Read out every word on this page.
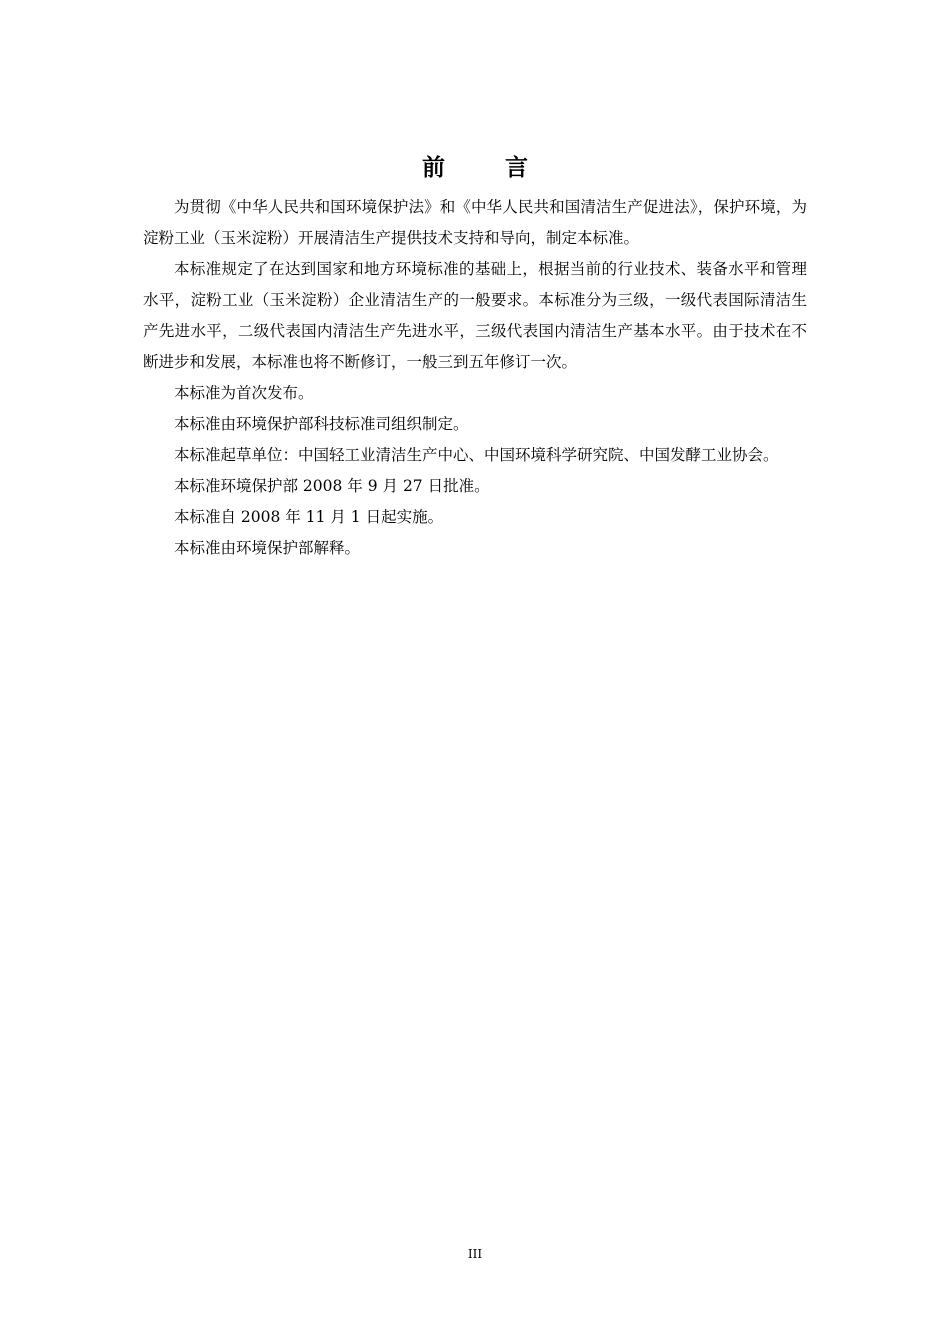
前 言

为贯彻《中华人民共和国环境保护法》和《中华人民共和国清洁生产促进法》，保护环境，为淀粉工业（玉米淀粉）开展清洁生产提供技术支持和导向，制定本标准。

本标准规定了在达到国家和地方环境标准的基础上，根据当前的行业技术、装备水平和管理水平，淀粉工业（玉米淀粉）企业清洁生产的一般要求。本标准分为三级，一级代表国际清洁生产先进水平，二级代表国内清洁生产先进水平，三级代表国内清洁生产基本水平。由于技术在不断进步和发展，本标准也将不断修订，一般三到五年修订一次。

本标准为首次发布。

本标准由环境保护部科技标准司组织制定。

本标准起草单位：中国轻工业清洁生产中心、中国环境科学研究院、中国发酵工业协会。

本标准环境保护部 2008 年 9 月 27 日批准。

本标准自 2008 年 11 月 1 日起实施。

本标准由环境保护部解释。

III
